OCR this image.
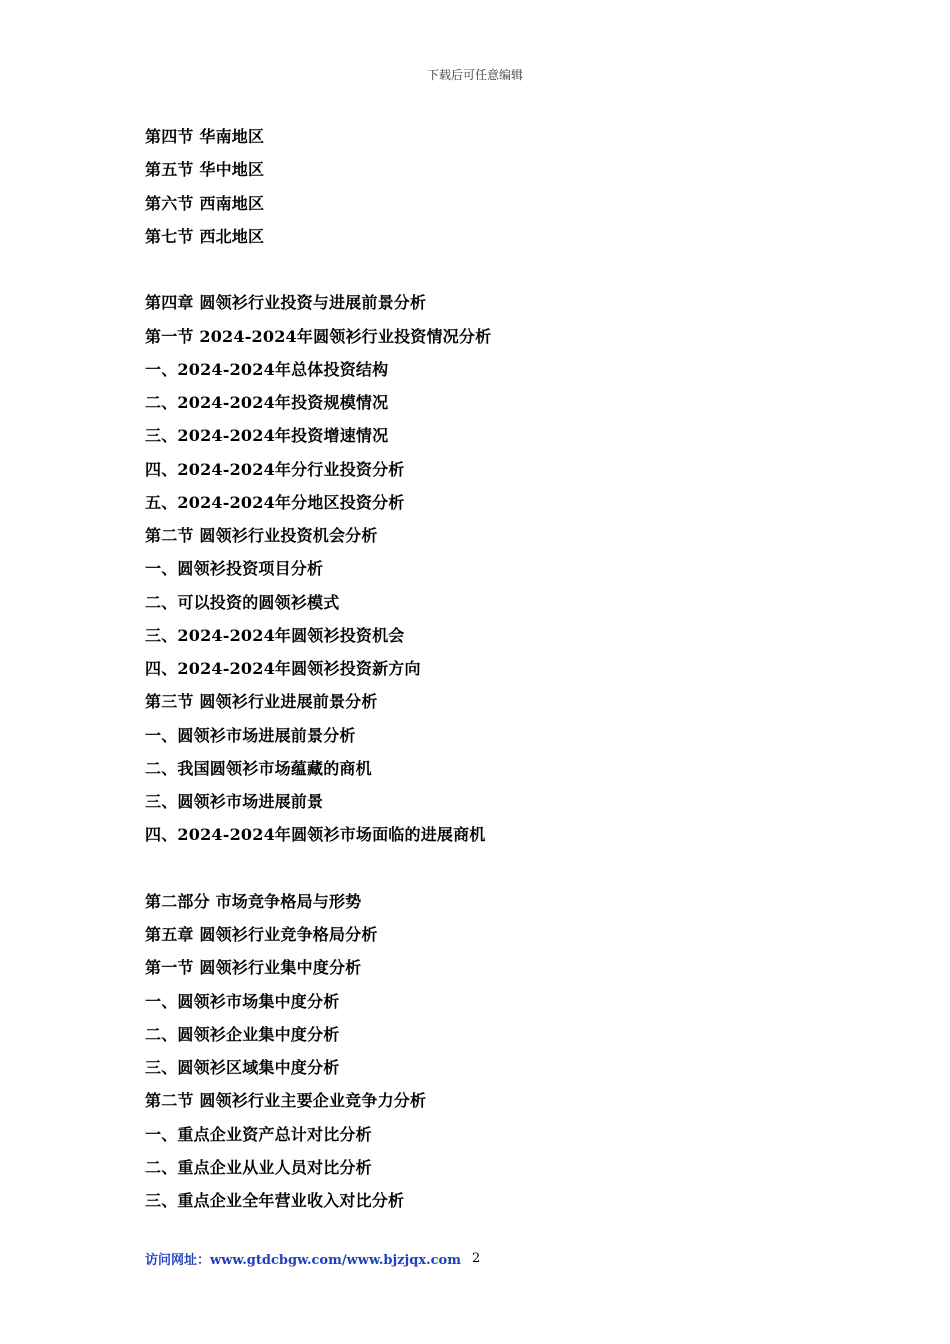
下载后可任意编辑
第四节 华南地区
第五节 华中地区
第六节 西南地区
第七节 西北地区
第四章 圆领衫行业投资与进展前景分析
第一节 2024-2024年圆领衫行业投资情况分析
一、2024-2024年总体投资结构
二、2024-2024年投资规模情况
三、2024-2024年投资增速情况
四、2024-2024年分行业投资分析
五、2024-2024年分地区投资分析
第二节 圆领衫行业投资机会分析
一、圆领衫投资项目分析
二、可以投资的圆领衫模式
三、2024-2024年圆领衫投资机会
四、2024-2024年圆领衫投资新方向
第三节 圆领衫行业进展前景分析
一、圆领衫市场进展前景分析
二、我国圆领衫市场蕴藏的商机
三、圆领衫市场进展前景
四、2024-2024年圆领衫市场面临的进展商机
第二部分 市场竞争格局与形势
第五章 圆领衫行业竞争格局分析
第一节 圆领衫行业集中度分析
一、圆领衫市场集中度分析
二、圆领衫企业集中度分析
三、圆领衫区域集中度分析
第二节 圆领衫行业主要企业竞争力分析
一、重点企业资产总计对比分析
二、重点企业从业人员对比分析
三、重点企业全年营业收入对比分析
访问网址：www.gtdcbgw.com/www.bjzjqx.com 2
